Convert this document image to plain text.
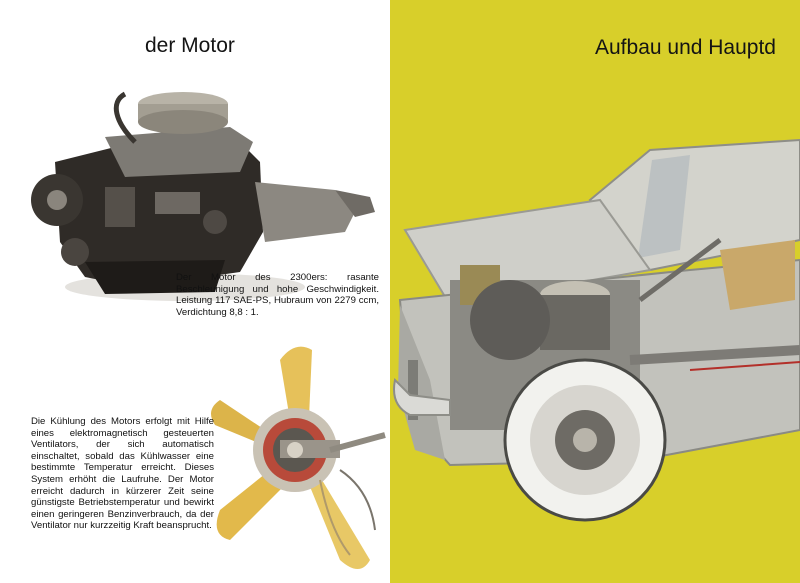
der Motor

Der Motor des 2300ers: rasante Beschleunigung und hohe Geschwindigkeit. Leistung 117 SAE-PS, Hubraum von 2279 ccm, Verdichtung 8,8 : 1.

Die Kühlung des Motors erfolgt mit Hilfe eines elektromagnetisch gesteuerten Ventilators, der sich automatisch einschaltet, sobald das Kühlwasser eine bestimmte Temperatur erreicht. Dieses System erhöht die Laufruhe. Der Motor erreicht dadurch in kürzerer Zeit seine günstigste Betriebstemperatur und bewirkt einen geringeren Benzinverbrauch, da der Ventilator nur kurzzeitig Kraft beansprucht.

Aufbau und Hauptd
